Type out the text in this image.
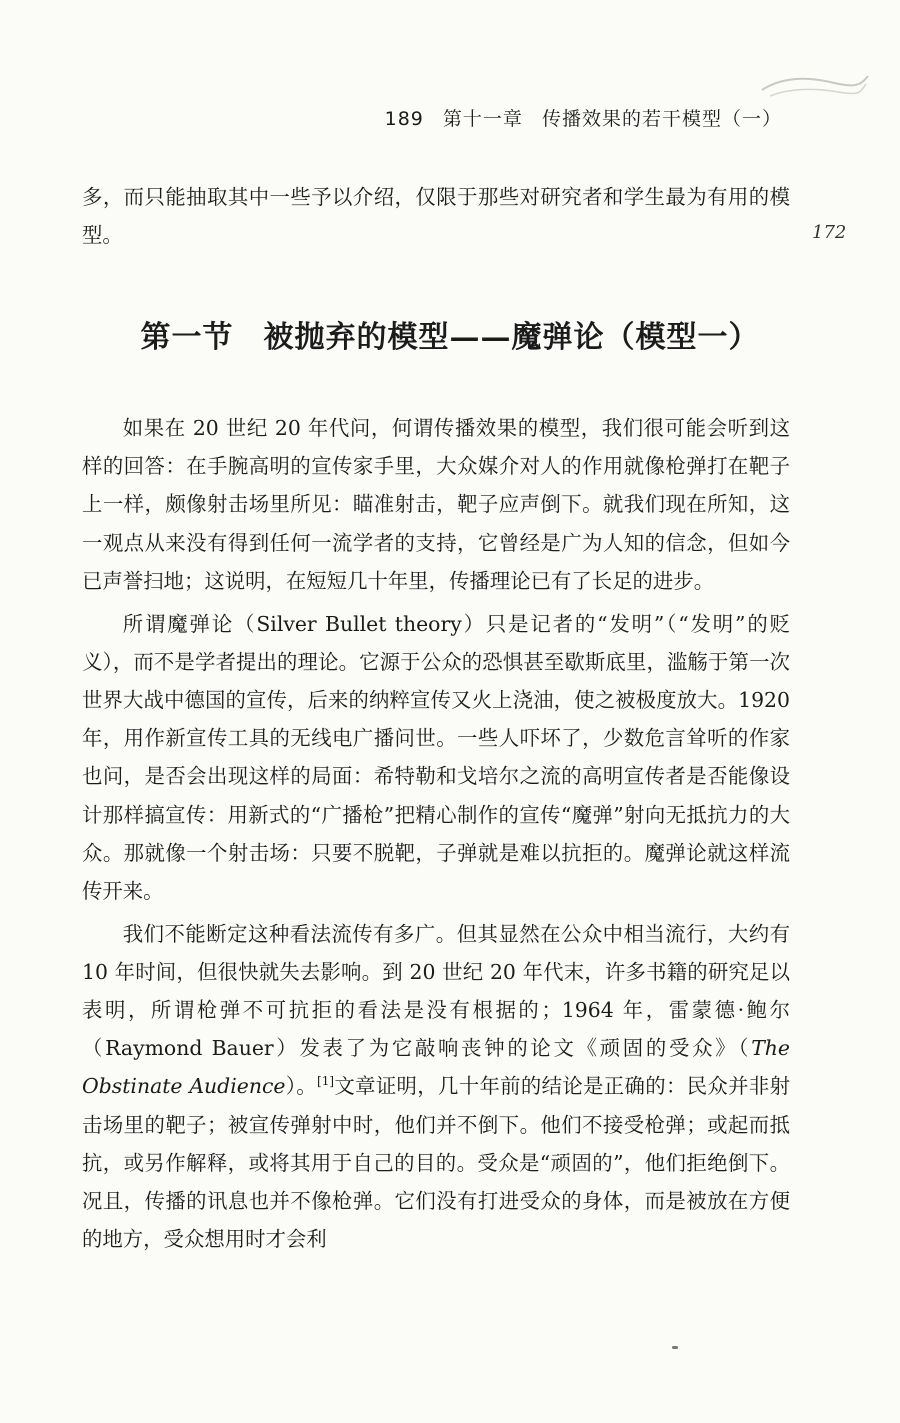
189 第十一章 传播效果的若干模型（一）

多，而只能抽取其中一些予以介绍，仅限于那些对研究者和学生最为有用的模型。	172
第一节 被抛弃的模型——魔弹论（模型一）

如果在 20 世纪 20 年代问，何谓传播效果的模型，我们很可能会听到这样的回答：在手腕高明的宣传家手里，大众媒介对人的作用就像枪弹打在靶子上一样，颇像射击场里所见：瞄准射击，靶子应声倒下。就我们现在所知，这一观点从来没有得到任何一流学者的支持，它曾经是广为人知的信念，但如今已声誉扫地；这说明，在短短几十年里，传播理论已有了长足的进步。

所谓魔弹论（Silver Bullet theory）只是记者的“发明”（“发明”的贬义），而不是学者提出的理论。它源于公众的恐惧甚至歇斯底里，滥觞于第一次世界大战中德国的宣传，后来的纳粹宣传又火上浇油，使之被极度放大。1920 年，用作新宣传工具的无线电广播问世。一些人吓坏了，少数危言耸听的作家也问，是否会出现这样的局面：希特勒和戈培尔之流的高明宣传者是否能像设计那样搞宣传：用新式的“广播枪”把精心制作的宣传“魔弹”射向无抵抗力的大众。那就像一个射击场：只要不脱靶，子弹就是难以抗拒的。魔弹论就这样流传开来。

我们不能断定这种看法流传有多广。但其显然在公众中相当流行，大约有 10 年时间，但很快就失去影响。到 20 世纪 20 年代末，许多书籍的研究足以表明，所谓枪弹不可抗拒的看法是没有根据的；1964 年，雷蒙德·鲍尔（Raymond Bauer）发表了为它敲响丧钟的论文《顽固的受众》（The Obstinate Audience）。[1]文章证明，几十年前的结论是正确的：民众并非射击场里的靶子；被宣传弹射中时，他们并不倒下。他们不接受枪弹；或起而抵抗，或另作解释，或将其用于自己的目的。受众是“顽固的”，他们拒绝倒下。况且，传播的讯息也并不像枪弹。它们没有打进受众的身体，而是被放在方便的地方，受众想用时才会利
